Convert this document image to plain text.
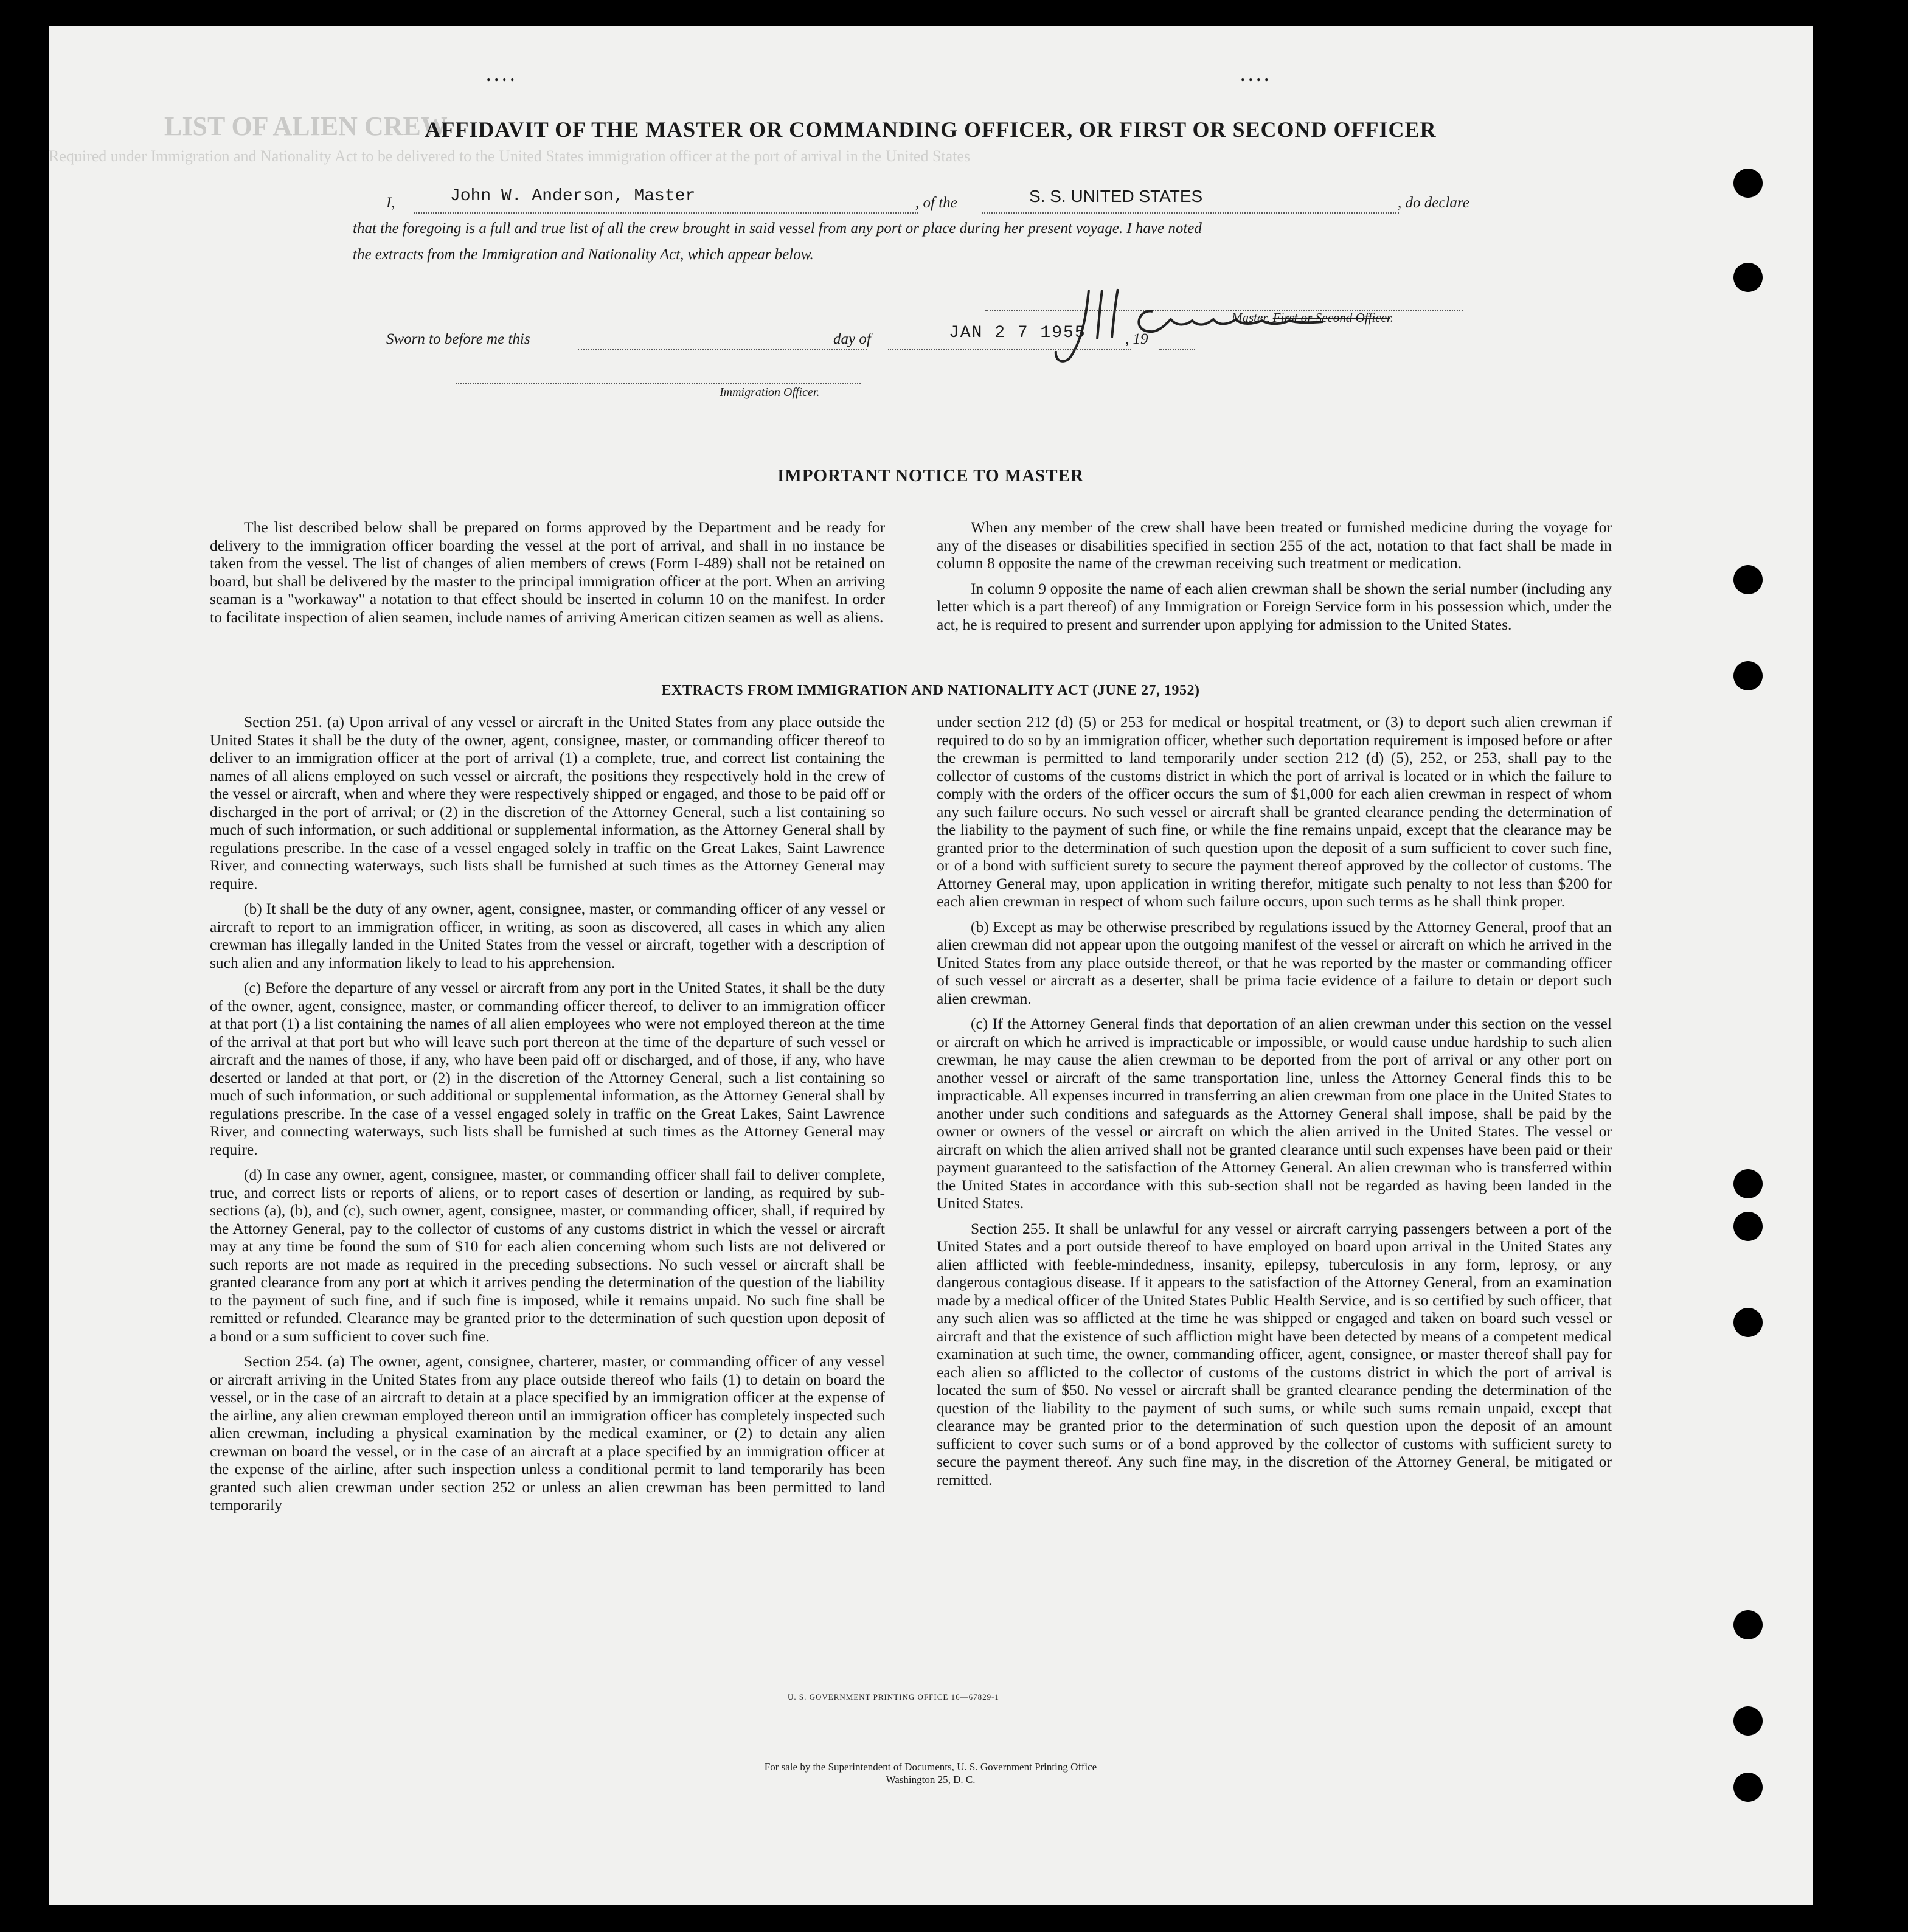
LIST OF ALIEN CREW
Required under Immigration and Nationality Act to be delivered to the United States immigration officer at the port of arrival in the United States
. . . .	. . . .
AFFIDAVIT OF THE MASTER OR COMMANDING OFFICER, OR FIRST OR SECOND OFFICER
I,	John W. Anderson, Master	, of the	S. S. UNITED STATES	, do declare
that the foregoing is a full and true list of all the crew brought in said vessel from any port or place during her present voyage. I have noted
the extracts from the Immigration and Nationality Act, which appear below.
Master, First or Second Officer.
Sworn to before me this	day of	JAN 2 7 1955	, 19
Immigration Officer.
IMPORTANT NOTICE TO MASTER

The list described below shall be prepared on forms approved by the Department and be ready for delivery to the immigration officer boarding the vessel at the port of arrival, and shall in no instance be taken from the vessel. The list of changes of alien members of crews (Form I-489) shall not be retained on board, but shall be delivered by the master to the principal immigration officer at the port. When an arriving seaman is a "workaway" a notation to that effect should be inserted in column 10 on the manifest. In order to facilitate inspection of alien seamen, include names of arriving American citizen seamen as well as aliens.

When any member of the crew shall have been treated or furnished medicine during the voyage for any of the diseases or disabilities specified in section 255 of the act, notation to that fact shall be made in column 8 opposite the name of the crewman receiving such treatment or medication.

In column 9 opposite the name of each alien crewman shall be shown the serial number (including any letter which is a part thereof) of any Immigration or Foreign Service form in his possession which, under the act, he is required to present and surrender upon applying for admission to the United States.

EXTRACTS FROM IMMIGRATION AND NATIONALITY ACT (JUNE 27, 1952)

Section 251. (a) Upon arrival of any vessel or aircraft in the United States from any place outside the United States it shall be the duty of the owner, agent, consignee, master, or commanding officer thereof to deliver to an immigration officer at the port of arrival (1) a complete, true, and correct list containing the names of all aliens employed on such vessel or aircraft, the positions they respectively hold in the crew of the vessel or aircraft, when and where they were respectively shipped or engaged, and those to be paid off or discharged in the port of arrival; or (2) in the discretion of the Attorney General, such a list containing so much of such information, or such additional or supplemental information, as the Attorney General shall by regulations prescribe. In the case of a vessel engaged solely in traffic on the Great Lakes, Saint Lawrence River, and connecting waterways, such lists shall be furnished at such times as the Attorney General may require.

(b) It shall be the duty of any owner, agent, consignee, master, or commanding officer of any vessel or aircraft to report to an immigration officer, in writing, as soon as discovered, all cases in which any alien crewman has illegally landed in the United States from the vessel or aircraft, together with a description of such alien and any information likely to lead to his apprehension.

(c) Before the departure of any vessel or aircraft from any port in the United States, it shall be the duty of the owner, agent, consignee, master, or commanding officer thereof, to deliver to an immigration officer at that port (1) a list containing the names of all alien employees who were not employed thereon at the time of the arrival at that port but who will leave such port thereon at the time of the departure of such vessel or aircraft and the names of those, if any, who have been paid off or discharged, and of those, if any, who have deserted or landed at that port, or (2) in the discretion of the Attorney General, such a list containing so much of such information, or such additional or supplemental information, as the Attorney General shall by regulations prescribe. In the case of a vessel engaged solely in traffic on the Great Lakes, Saint Lawrence River, and connecting waterways, such lists shall be furnished at such times as the Attorney General may require.

(d) In case any owner, agent, consignee, master, or commanding officer shall fail to deliver complete, true, and correct lists or reports of aliens, or to report cases of desertion or landing, as required by sub-sections (a), (b), and (c), such owner, agent, consignee, master, or commanding officer, shall, if required by the Attorney General, pay to the collector of customs of any customs district in which the vessel or aircraft may at any time be found the sum of $10 for each alien concerning whom such lists are not delivered or such reports are not made as required in the preceding subsections. No such vessel or aircraft shall be granted clearance from any port at which it arrives pending the determination of the question of the liability to the payment of such fine, and if such fine is imposed, while it remains unpaid. No such fine shall be remitted or refunded. Clearance may be granted prior to the determination of such question upon deposit of a bond or a sum sufficient to cover such fine.

Section 254. (a) The owner, agent, consignee, charterer, master, or commanding officer of any vessel or aircraft arriving in the United States from any place outside thereof who fails (1) to detain on board the vessel, or in the case of an aircraft to detain at a place specified by an immigration officer at the expense of the airline, any alien crewman employed thereon until an immigration officer has completely inspected such alien crewman, including a physical examination by the medical examiner, or (2) to detain any alien crewman on board the vessel, or in the case of an aircraft at a place specified by an immigration officer at the expense of the airline, after such inspection unless a conditional permit to land temporarily has been granted such alien crewman under section 252 or unless an alien crewman has been permitted to land temporarily

under section 212 (d) (5) or 253 for medical or hospital treatment, or (3) to deport such alien crewman if required to do so by an immigration officer, whether such deportation requirement is imposed before or after the crewman is permitted to land temporarily under section 212 (d) (5), 252, or 253, shall pay to the collector of customs of the customs district in which the port of arrival is located or in which the failure to comply with the orders of the officer occurs the sum of $1,000 for each alien crewman in respect of whom any such failure occurs. No such vessel or aircraft shall be granted clearance pending the determination of the liability to the payment of such fine, or while the fine remains unpaid, except that the clearance may be granted prior to the determination of such question upon the deposit of a sum sufficient to cover such fine, or of a bond with sufficient surety to secure the payment thereof approved by the collector of customs. The Attorney General may, upon application in writing therefor, mitigate such penalty to not less than $200 for each alien crewman in respect of whom such failure occurs, upon such terms as he shall think proper.

(b) Except as may be otherwise prescribed by regulations issued by the Attorney General, proof that an alien crewman did not appear upon the outgoing manifest of the vessel or aircraft on which he arrived in the United States from any place outside thereof, or that he was reported by the master or commanding officer of such vessel or aircraft as a deserter, shall be prima facie evidence of a failure to detain or deport such alien crewman.

(c) If the Attorney General finds that deportation of an alien crewman under this section on the vessel or aircraft on which he arrived is impracticable or impossible, or would cause undue hardship to such alien crewman, he may cause the alien crewman to be deported from the port of arrival or any other port on another vessel or aircraft of the same transportation line, unless the Attorney General finds this to be impracticable. All expenses incurred in transferring an alien crewman from one place in the United States to another under such conditions and safeguards as the Attorney General shall impose, shall be paid by the owner or owners of the vessel or aircraft on which the alien arrived in the United States. The vessel or aircraft on which the alien arrived shall not be granted clearance until such expenses have been paid or their payment guaranteed to the satisfaction of the Attorney General. An alien crewman who is transferred within the United States in accordance with this sub-section shall not be regarded as having been landed in the United States.

Section 255. It shall be unlawful for any vessel or aircraft carrying passengers between a port of the United States and a port outside thereof to have employed on board upon arrival in the United States any alien afflicted with feeble-mindedness, insanity, epilepsy, tuberculosis in any form, leprosy, or any dangerous contagious disease. If it appears to the satisfaction of the Attorney General, from an examination made by a medical officer of the United States Public Health Service, and is so certified by such officer, that any such alien was so afflicted at the time he was shipped or engaged and taken on board such vessel or aircraft and that the existence of such affliction might have been detected by means of a competent medical examination at such time, the owner, commanding officer, agent, consignee, or master thereof shall pay for each alien so afflicted to the collector of customs of the customs district in which the port of arrival is located the sum of $50. No vessel or aircraft shall be granted clearance pending the determination of the question of the liability to the payment of such sums, or while such sums remain unpaid, except that clearance may be granted prior to the determination of such question upon the deposit of an amount sufficient to cover such sums or of a bond approved by the collector of customs with sufficient surety to secure the payment thereof. Any such fine may, in the discretion of the Attorney General, be mitigated or remitted.

U. S. GOVERNMENT PRINTING OFFICE 16—67829-1
For sale by the Superintendent of Documents, U. S. Government Printing Office
Washington 25, D. C.
